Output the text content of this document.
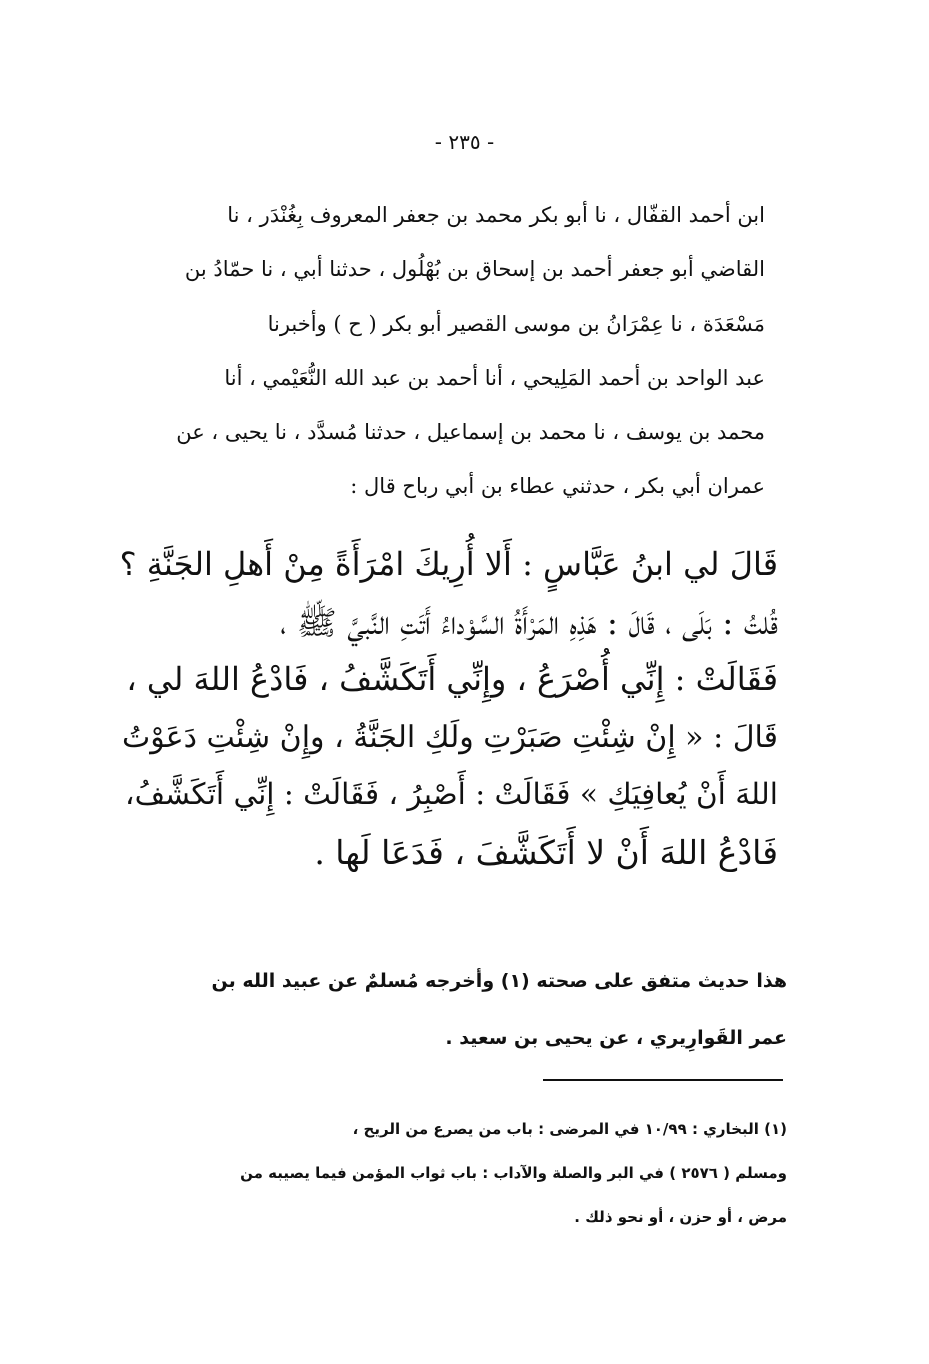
- ٢٣٥ -
ابن أحمد القفّال ، نا أبو بكر محمد بن جعفر المعروف بِغُنْدَر ، نا
القاضي أبو جعفر أحمد بن إسحاق بن بُهْلُول ، حدثنا أبي ، نا حمّادُ بن
مَسْعَدَة ، نا عِمْرَانُ بن موسى القصير أبو بكر ( ح ) وأخبرنا
عبد الواحد بن أحمد المَلِيحي ، أنا أحمد بن عبد الله النُّعَيْمي ، أنا
محمد بن يوسف ، نا محمد بن إسماعيل ، حدثنا مُسدَّد ، نا يحيى ، عن
عمران أبي بكر ، حدثني عطاء بن أبي رباح قال :
قَالَ لي ابنُ عَبَّاسٍ : أَلا أُرِيكَ امْرَأَةً مِنْ أَهلِ الجَنَّةِ ؟
قُلتُ : بَلَى ، قَالَ : هَذِهِ المَرْأَةُ السَّوْداءُ أَتَتِ النَّبيَّ ﷺ ،
فَقَالَتْ : إِنِّي أُصْرَعُ ، وإِنِّي أَتَكَشَّفُ ، فَادْعُ اللهَ لي ،
قَالَ : « إِنْ شِئْتِ صَبَرْتِ ولَكِ الجَنَّةُ ، وإِنْ شِئْتِ دَعَوْتُ
اللهَ أَنْ يُعافِيَكِ » فَقَالَتْ : أَصْبِرُ ، فَقَالَتْ : إِنِّي أَتَكَشَّفُ،
فَادْعُ اللهَ أَنْ لا أَتَكَشَّفَ ، فَدَعَا لَها .
هذا حديث متفق على صحته (١) وأخرجه مُسلمٌ عن عبيد الله بن
عمر القَوارِيري ، عن يحيى بن سعيد .
(١) البخاري : ١٠/٩٩ في المرضى : باب من يصرع من الريح ،
ومسلم ( ٢٥٧٦ ) في البر والصلة والآداب : باب ثواب المؤمن فيما يصيبه من
مرض ، أو حزن ، أو نحو ذلك .
